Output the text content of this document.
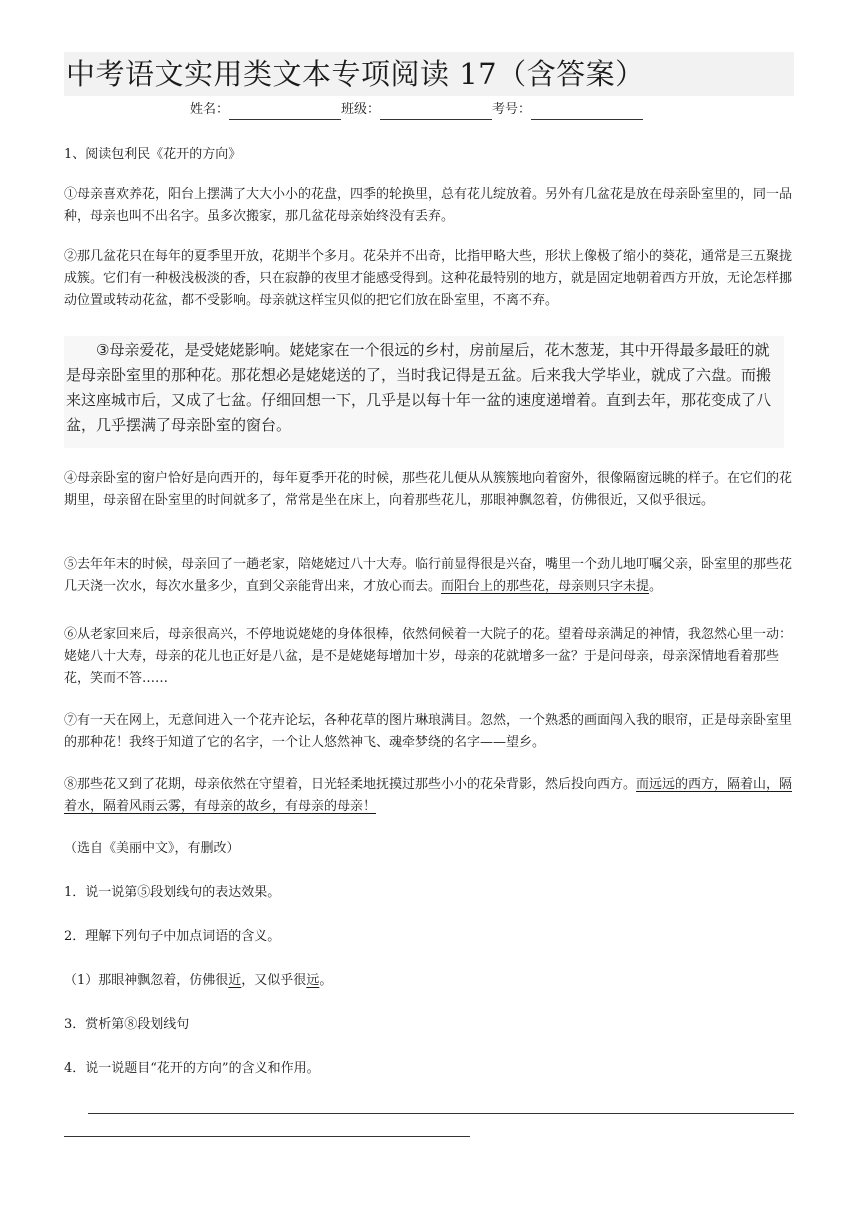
中考语文实用类文本专项阅读 17（含答案）
姓名：	班级：	考号：

1、阅读包利民《花开的方向》

①母亲喜欢养花，阳台上摆满了大大小小的花盘，四季的轮换里，总有花儿绽放着。另外有几盆花是放在母亲卧室里的，同一品种，母亲也叫不出名字。虽多次搬家，那几盆花母亲始终没有丢弃。

②那几盆花只在每年的夏季里开放，花期半个多月。花朵并不出奇，比指甲略大些，形状上像极了缩小的葵花，通常是三五聚拢成簇。它们有一种极浅极淡的香，只在寂静的夜里才能感受得到。这种花最特别的地方，就是固定地朝着西方开放，无论怎样挪动位置或转动花盆，都不受影响。母亲就这样宝贝似的把它们放在卧室里，不离不弃。

③母亲爱花，是受姥姥影响。姥姥家在一个很远的乡村，房前屋后，花木葱茏，其中开得最多最旺的就是母亲卧室里的那种花。那花想必是姥姥送的了，当时我记得是五盆。后来我大学毕业，就成了六盘。而搬来这座城市后，又成了七盆。仔细回想一下，几乎是以每十年一盆的速度递增着。直到去年，那花变成了八盆，几乎摆满了母亲卧室的窗台。

④母亲卧室的窗户恰好是向西开的，每年夏季开花的时候，那些花儿便从从簇簇地向着窗外，很像隔窗远眺的样子。在它们的花期里，母亲留在卧室里的时间就多了，常常是坐在床上，向着那些花儿，那眼神飘忽着，仿佛很近，又似乎很远。

⑤去年年末的时候，母亲回了一趟老家，陪姥姥过八十大寿。临行前显得很是兴奋，嘴里一个劲儿地叮嘱父亲，卧室里的那些花几天浇一次水，每次水量多少，直到父亲能背出来，才放心而去。而阳台上的那些花，母亲则只字未提。

⑥从老家回来后，母亲很高兴，不停地说姥姥的身体很棒，依然伺候着一大院子的花。望着母亲满足的神情，我忽然心里一动：姥姥八十大寿，母亲的花儿也正好是八盆，是不是姥姥每增加十岁，母亲的花就增多一盆？于是问母亲，母亲深情地看着那些花，笑而不答……

⑦有一天在网上，无意间进入一个花卉论坛，各种花草的图片琳琅满目。忽然，一个熟悉的画面闯入我的眼帘，正是母亲卧室里的那种花！我终于知道了它的名字，一个让人悠然神飞、魂牵梦绕的名字——望乡。

⑧那些花又到了花期，母亲依然在守望着，日光轻柔地抚摸过那些小小的花朵背影，然后投向西方。而远远的西方，隔着山，隔着水，隔着风雨云雾，有母亲的故乡，有母亲的母亲！

（选自《美丽中文》，有删改）

1．说一说第⑤段划线句的表达效果。

2．理解下列句子中加点词语的含义。

（1）那眼神飘忽着，仿佛很近，又似乎很远。

3．赏析第⑧段划线句

4．说一说题目“花开的方向”的含义和作用。
